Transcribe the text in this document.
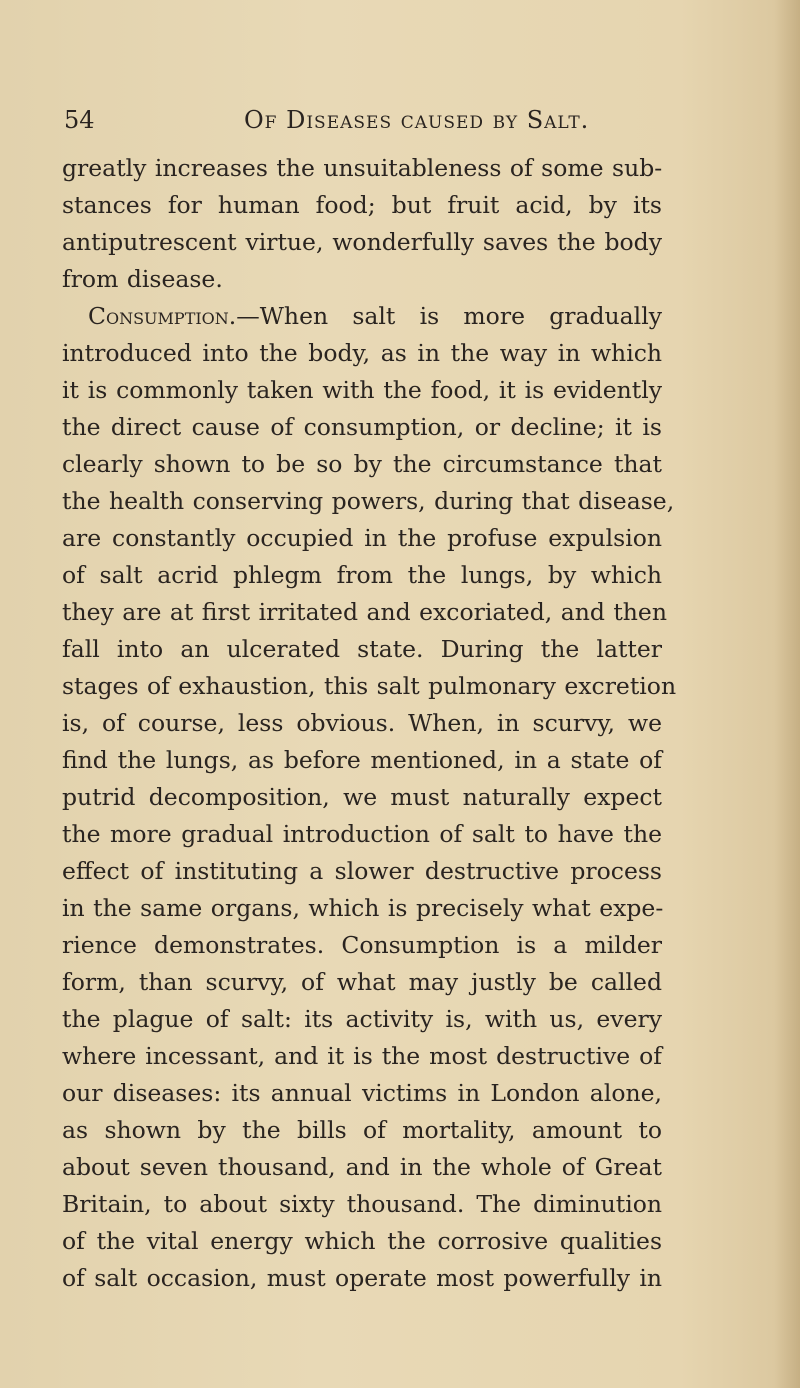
54	Of Diseases caused by Salt.
greatly increases the unsuitableness of some sub-
stances for human food; but fruit acid, by its
antiputrescent virtue, wonderfully saves the body
from disease.
Consumption.—When salt is more gradually
introduced into the body, as in the way in which
it is commonly taken with the food, it is evidently
the direct cause of consumption, or decline; it is
clearly shown to be so by the circumstance that
the health conserving powers, during that disease,
are constantly occupied in the profuse expulsion
of salt acrid phlegm from the lungs, by which
they are at first irritated and excoriated, and then
fall into an ulcerated state. During the latter
stages of exhaustion, this salt pulmonary excretion
is, of course, less obvious. When, in scurvy, we
find the lungs, as before mentioned, in a state of
putrid decomposition, we must naturally expect
the more gradual introduction of salt to have the
effect of instituting a slower destructive process
in the same organs, which is precisely what expe-
rience demonstrates. Consumption is a milder
form, than scurvy, of what may justly be called
the plague of salt: its activity is, with us, every
where incessant, and it is the most destructive of
our diseases: its annual victims in London alone,
as shown by the bills of mortality, amount to
about seven thousand, and in the whole of Great
Britain, to about sixty thousand. The diminution
of the vital energy which the corrosive qualities
of salt occasion, must operate most powerfully in
